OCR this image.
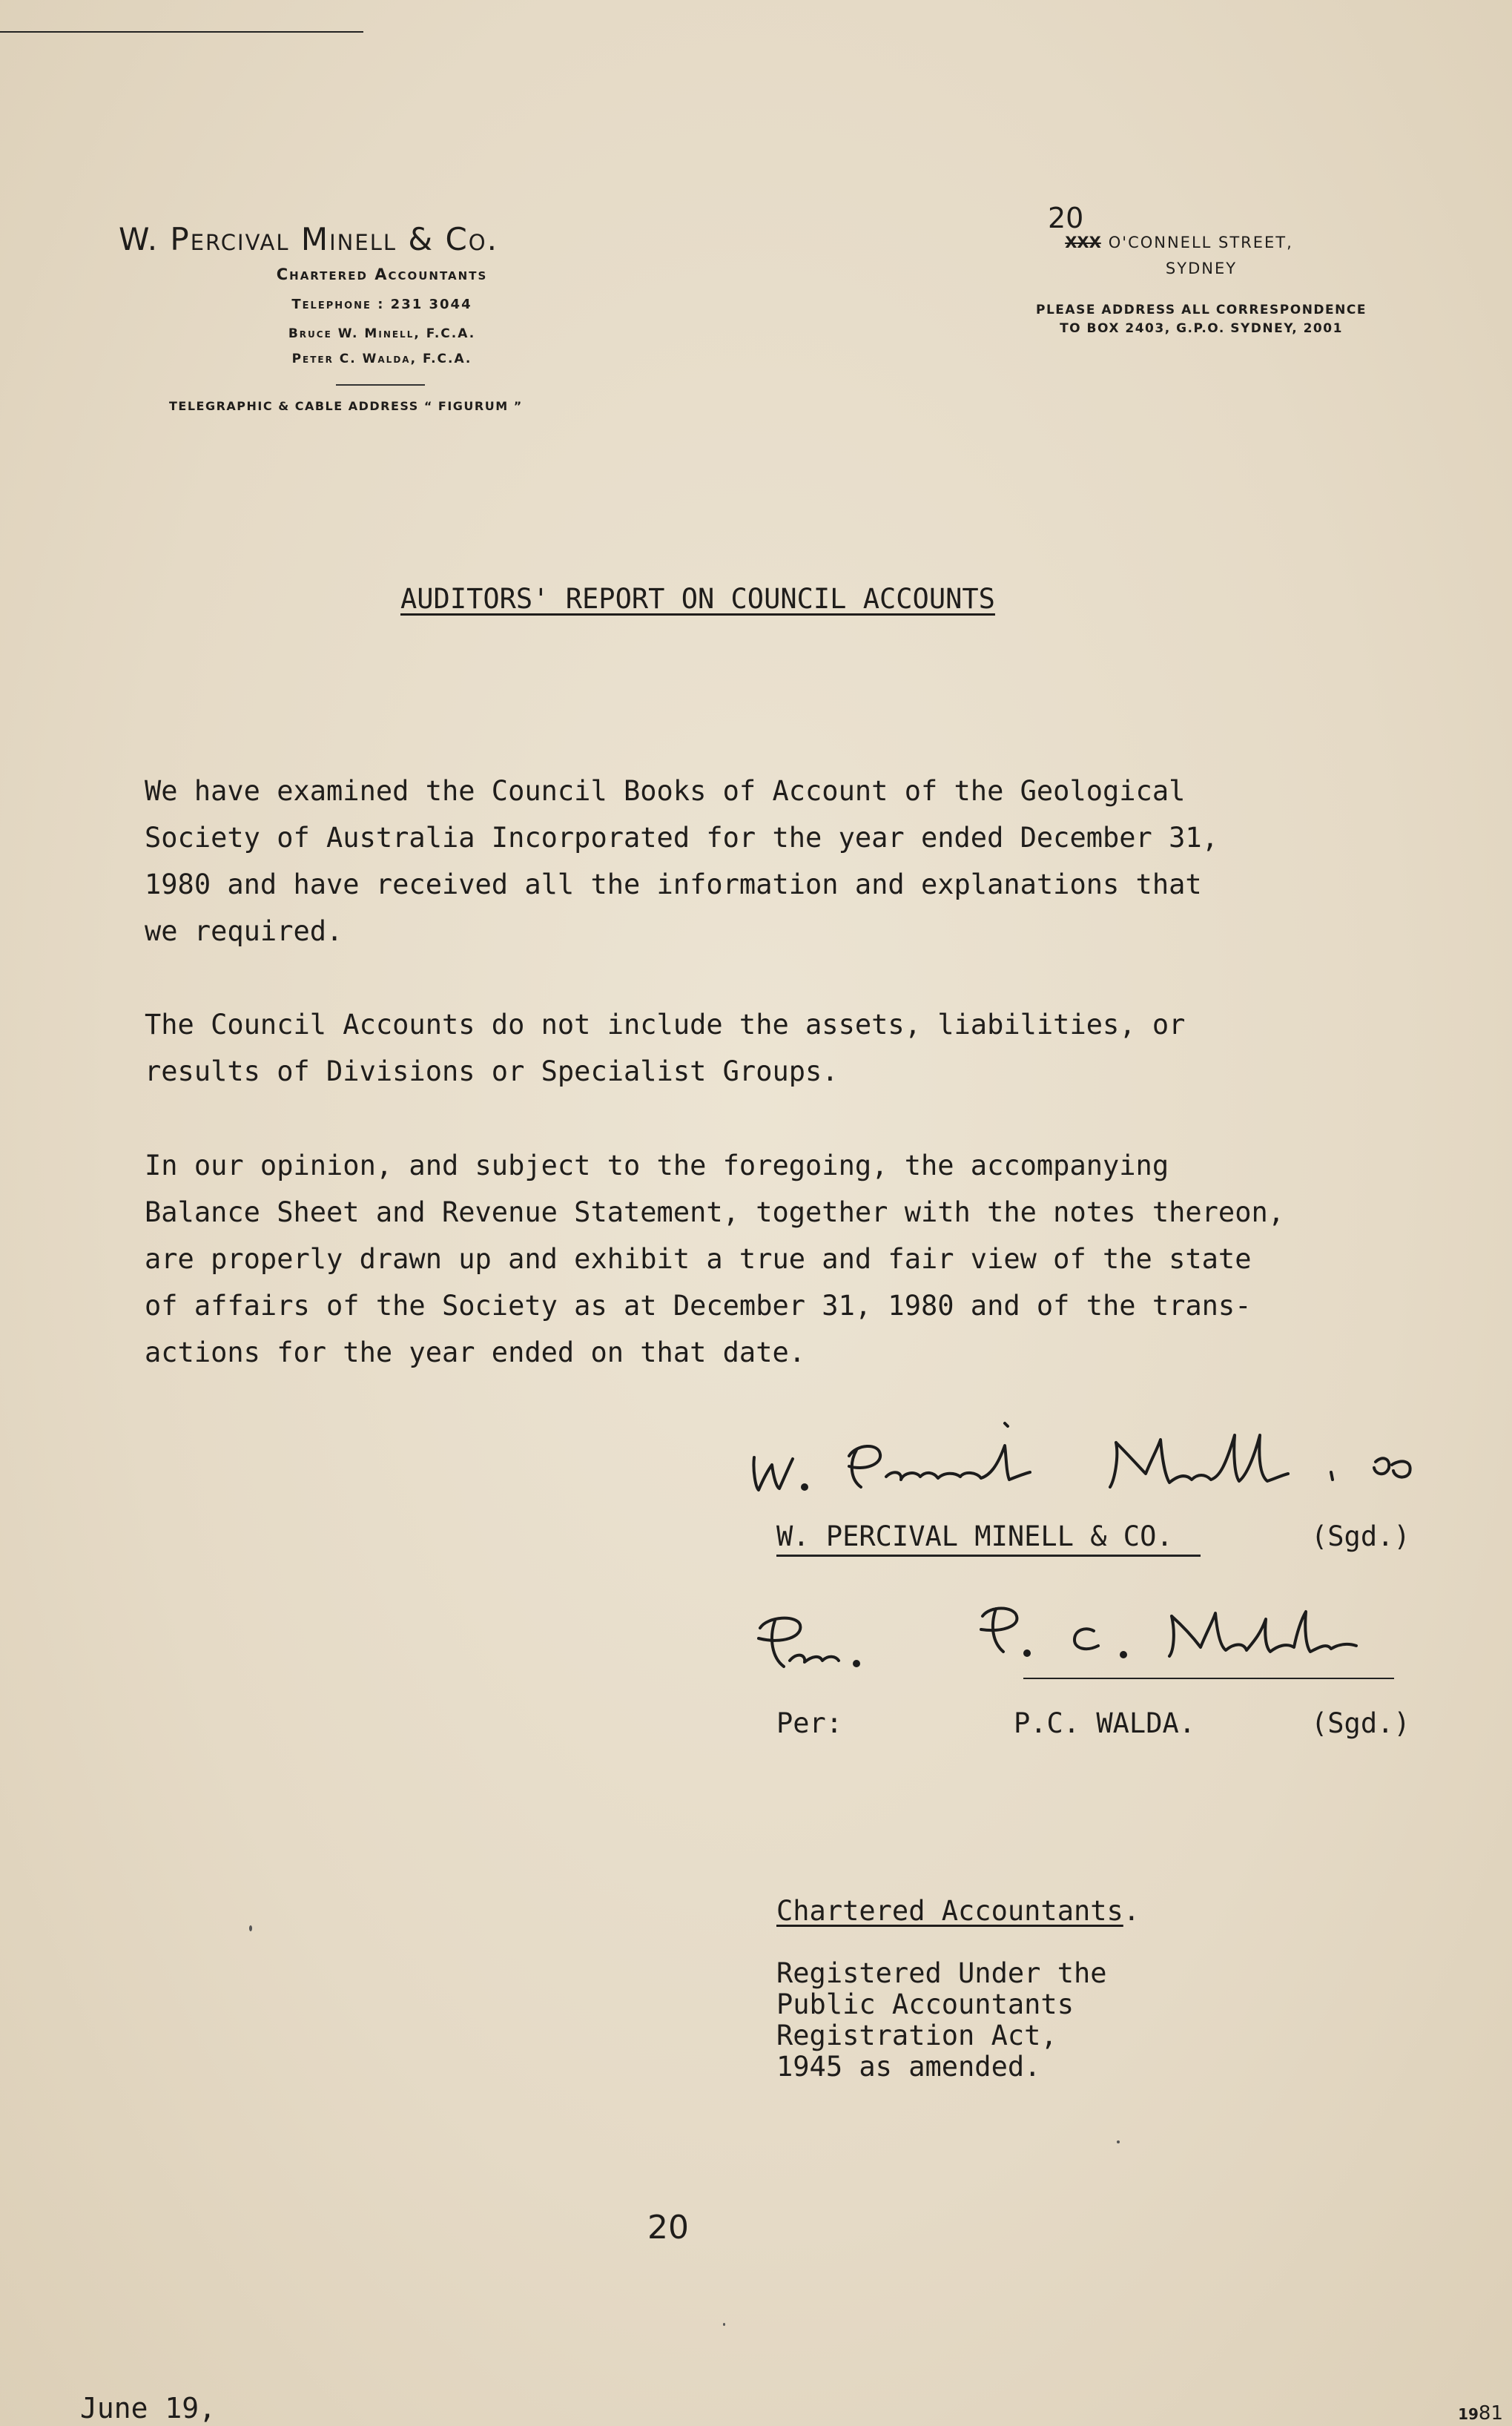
W. Percival Minell & Co.
Chartered Accountants
Telephone : 231 3044
Bruce W. Minell, F.C.A.
Peter C. Walda, F.C.A.
TELEGRAPHIC & CABLE ADDRESS “ FIGURUM ”
20
XXX O'CONNELL STREET,
SYDNEY
PLEASE ADDRESS ALL CORRESPONDENCE
TO BOX 2403, G.P.O. SYDNEY, 2001
June 19,	1981
AUDITORS' REPORT ON COUNCIL ACCOUNTS
We have examined the Council Books of Account of the Geological
Society of Australia Incorporated for the year ended December 31,
1980 and have received all the information and explanations that
we required.
The Council Accounts do not include the assets, liabilities, or
results of Divisions or Specialist Groups.
In our opinion, and subject to the foregoing, the accompanying
Balance Sheet and Revenue Statement, together with the notes thereon,
are properly drawn up and exhibit a true and fair view of the state
of affairs of the Society as at December 31, 1980 and of the trans-
actions for the year ended on that date.
W. PERCIVAL MINELL & CO.	(Sgd.)
Per:	P.C. WALDA.	(Sgd.)
Chartered Accountants.
Registered Under the
Public Accountants
Registration Act,
1945 as amended.
20
